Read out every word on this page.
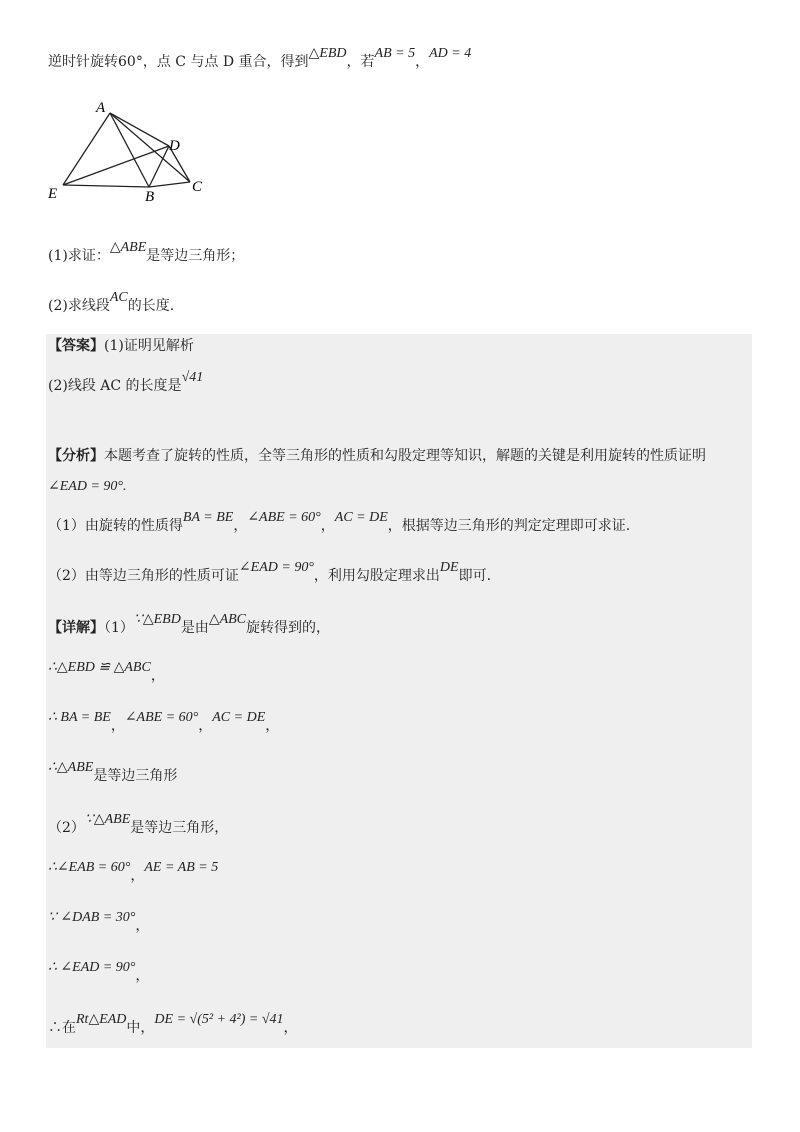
逆时针旋转60°，点 C 与点 D 重合，得到△EBD，若AB = 5，AD = 4
A
D
E	B
C
(1)求证：△ABE是等边三角形；
(2)求线段AC的长度.
【答案】(1)证明见解析
(2)线段 AC 的长度是√41
【分析】本题考查了旋转的性质，全等三角形的性质和勾股定理等知识，解题的关键是利用旋转的性质证明
∠EAD = 90°.
（1）由旋转的性质得BA = BE，∠ABE = 60°，AC = DE，根据等边三角形的判定定理即可求证.
（2）由等边三角形的性质可证∠EAD = 90°，利用勾股定理求出DE即可.
【详解】（1）∵△EBD是由△ABC旋转得到的，
∴△EBD ≌ △ABC，
∴ BA = BE，∠ABE = 60°，AC = DE，
∴△ABE是等边三角形
（2）∵△ABE是等边三角形，
∴∠EAB = 60°，AE = AB = 5
∵ ∠DAB = 30°，
∴ ∠EAD = 90°，
∴在Rt△EAD中，DE = √(5² + 4²) = √41，
